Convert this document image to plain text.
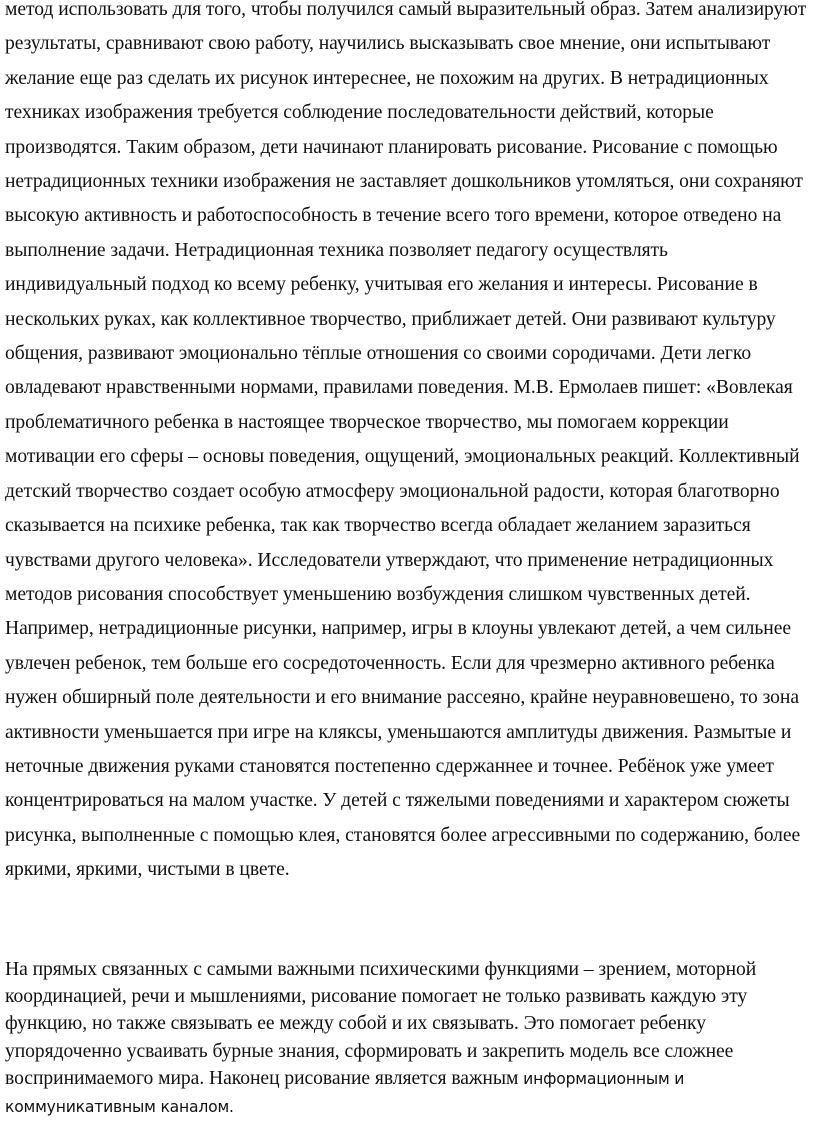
метод использовать для того, чтобы получился самый выразительный образ. Затем анализируют результаты, сравнивают свою работу, научились высказывать свое мнение, они испытывают желание еще раз сделать их рисунок интереснее, не похожим на других. В нетрадиционных техниках изображения требуется соблюдение последовательности действий, которые производятся. Таким образом, дети начинают планировать рисование. Рисование с помощью нетрадиционных техники изображения не заставляет дошкольников утомляться, они сохраняют высокую активность и работоспособность в течение всего того времени, которое отведено на выполнение задачи. Нетрадиционная техника позволяет педагогу осуществлять индивидуальный подход ко всему ребенку, учитывая его желания и интересы. Рисование в нескольких руках, как коллективное творчество, приближает детей. Они развивают культуру общения, развивают эмоционально тёплые отношения со своими сородичами. Дети легко овладевают нравственными нормами, правилами поведения. М.В. Ермолаев пишет: «Вовлекая проблематичного ребенка в настоящее творческое творчество, мы помогаем коррекции мотивации его сферы – основы поведения, ощущений, эмоциональных реакций. Коллективный детский творчество создает особую атмосферу эмоциональной радости, которая благотворно сказывается на психике ребенка, так как творчество всегда обладает желанием заразиться чувствами другого человека». Исследователи утверждают, что применение нетрадиционных методов рисования способствует уменьшению возбуждения слишком чувственных детей. Например, нетрадиционные рисунки, например, игры в клоуны увлекают детей, а чем сильнее увлечен ребенок, тем больше его сосредоточенность. Если для чрезмерно активного ребенка нужен обширный поле деятельности и его внимание рассеяно, крайне неуравновешено, то зона активности уменьшается при игре на кляксы, уменьшаются амплитуды движения. Размытые и неточные движения руками становятся постепенно сдержаннее и точнее. Ребёнок уже умеет концентрироваться на малом участке. У детей с тяжелыми поведениями и характером сюжеты рисунка, выполненные с помощью клея, становятся более агрессивными по содержанию, более яркими, яркими, чистыми в цвете.

На прямых связанных с самыми важными психическими функциями – зрением, моторной координацией, речи и мышлениями, рисование помогает не только развивать каждую эту функцию, но также связывать ее между собой и их связывать. Это помогает ребенку упорядоченно усваивать бурные знания, сформировать и закрепить модель все сложнее воспринимаемого мира. Наконец рисование является важным информационным и коммуникативным каналом.
